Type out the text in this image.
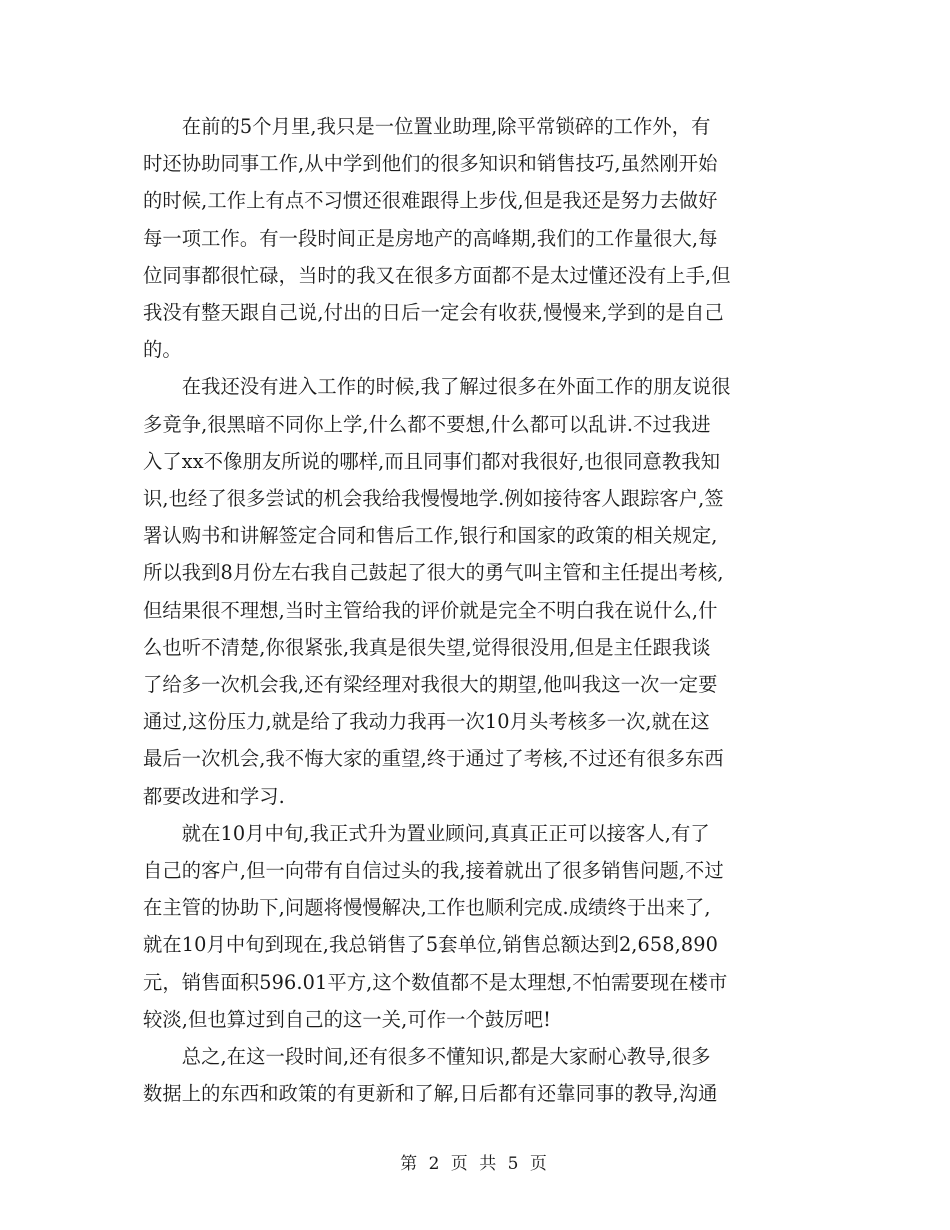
　　在前的5个月里,我只是一位置业助理,除平常锁碎的工作外，有
时还协助同事工作,从中学到他们的很多知识和销售技巧,虽然刚开始
的时候,工作上有点不习惯还很难跟得上步伐,但是我还是努力去做好
每一项工作。有一段时间正是房地产的高峰期,我们的工作量很大,每
位同事都很忙碌，当时的我又在很多方面都不是太过懂还没有上手,但
我没有整天跟自己说,付出的日后一定会有收获,慢慢来,学到的是自己
的。

　　在我还没有进入工作的时候,我了解过很多在外面工作的朋友说很
多竟争,很黑暗不同你上学,什么都不要想,什么都可以乱讲.不过我进
入了xx不像朋友所说的哪样,而且同事们都对我很好,也很同意教我知
识,也经了很多尝试的机会我给我慢慢地学.例如接待客人跟踪客户,签
署认购书和讲解签定合同和售后工作,银行和国家的政策的相关规定,
所以我到8月份左右我自己鼓起了很大的勇气叫主管和主任提出考核,
但结果很不理想,当时主管给我的评价就是完全不明白我在说什么,什
么也听不清楚,你很紧张,我真是很失望,觉得很没用,但是主任跟我谈
了给多一次机会我,还有梁经理对我很大的期望,他叫我这一次一定要
通过,这份压力,就是给了我动力我再一次10月头考核多一次,就在这
最后一次机会,我不悔大家的重望,终于通过了考核,不过还有很多东西
都要改进和学习.

　　就在10月中旬,我正式升为置业顾问,真真正正可以接客人,有了
自己的客户,但一向带有自信过头的我,接着就出了很多销售问题,不过
在主管的协助下,问题将慢慢解决,工作也顺利完成.成绩终于出来了,
就在10月中旬到现在,我总销售了5套单位,销售总额达到2,658,890
元，销售面积596.01平方,这个数值都不是太理想,不怕需要现在楼市
较淡,但也算过到自己的这一关,可作一个鼓厉吧!

　　总之,在这一段时间,还有很多不懂知识,都是大家耐心教导,很多
数据上的东西和政策的有更新和了解,日后都有还靠同事的教导,沟通

第 2 页 共 5 页
